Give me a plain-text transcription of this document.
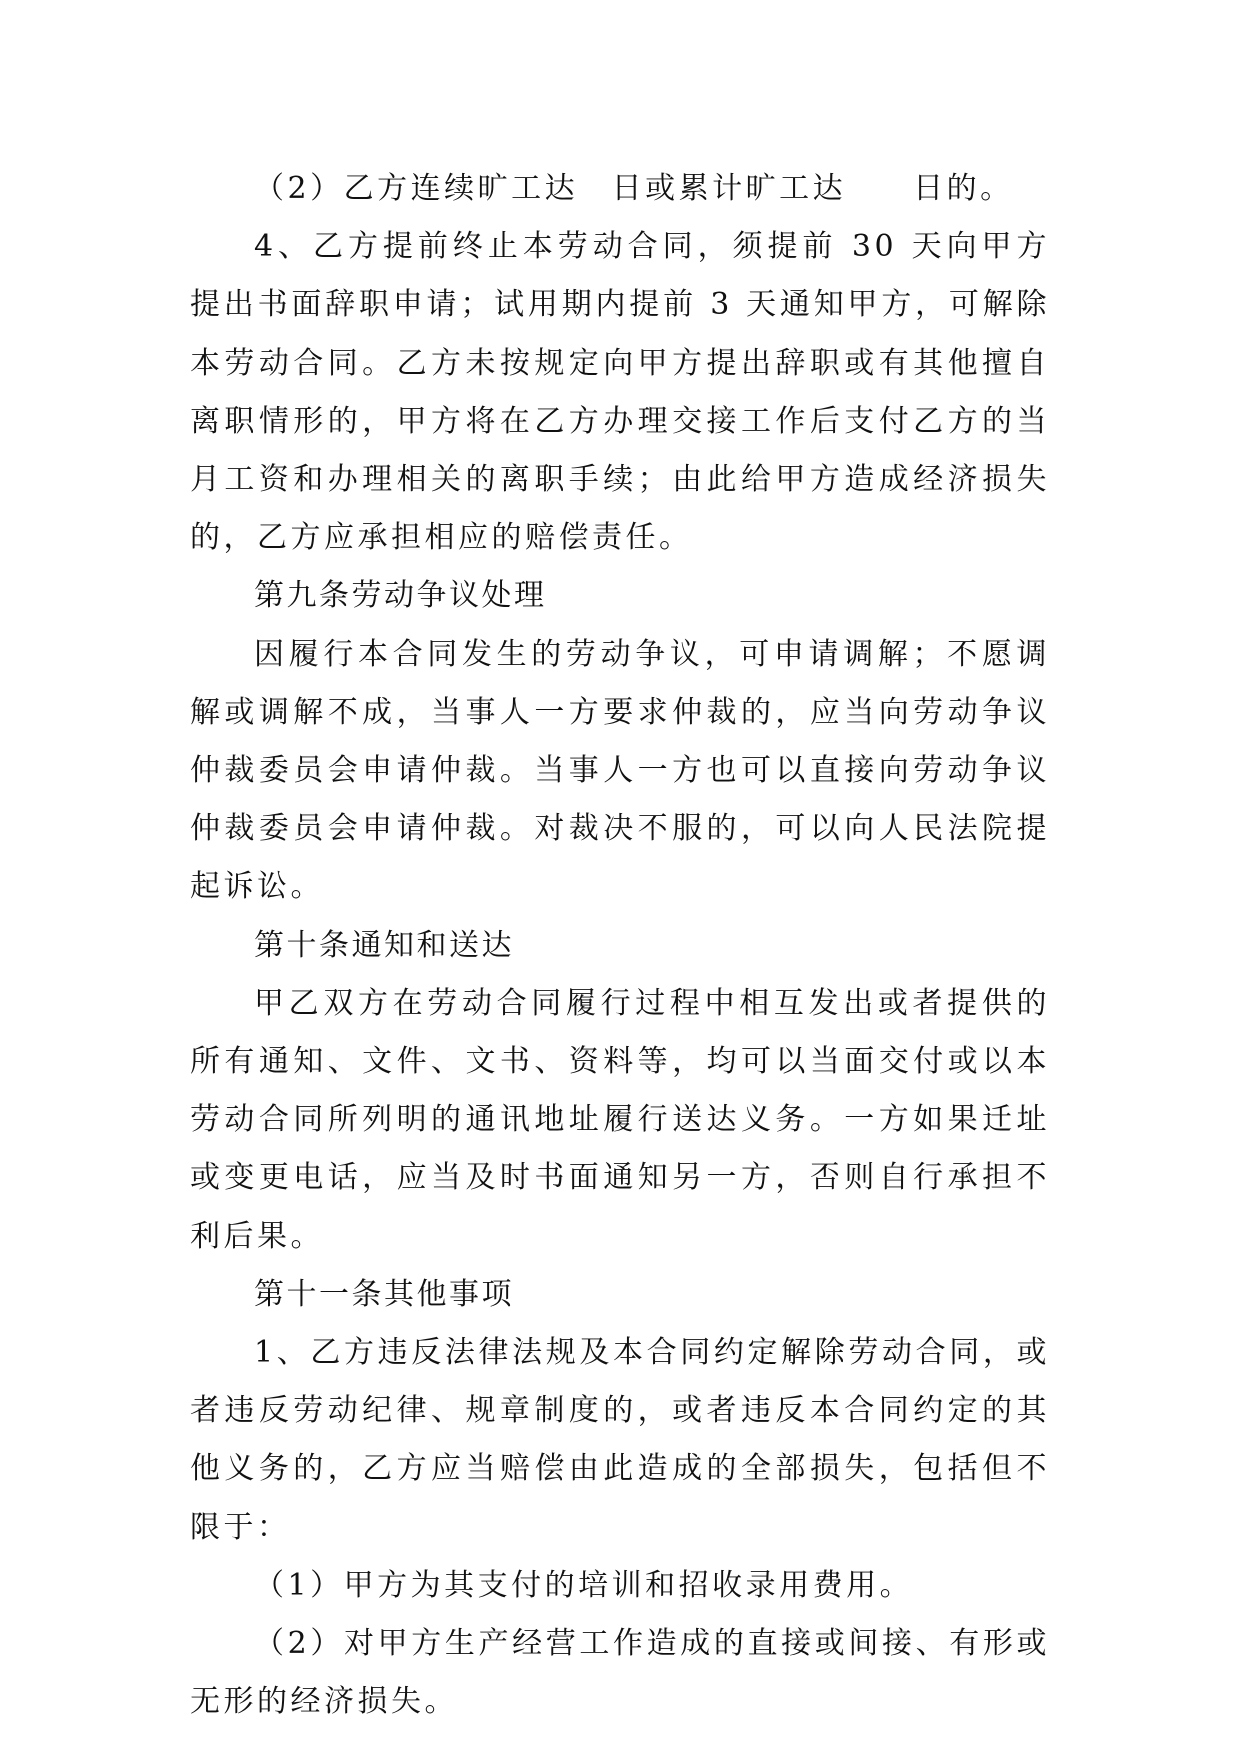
（2）乙方连续旷工达　日或累计旷工达　　日的。

4、乙方提前终止本劳动合同，须提前 30 天向甲方提出书面辞职申请；试用期内提前 3 天通知甲方，可解除本劳动合同。乙方未按规定向甲方提出辞职或有其他擅自离职情形的，甲方将在乙方办理交接工作后支付乙方的当月工资和办理相关的离职手续；由此给甲方造成经济损失的，乙方应承担相应的赔偿责任。

第九条劳动争议处理

因履行本合同发生的劳动争议，可申请调解；不愿调解或调解不成，当事人一方要求仲裁的，应当向劳动争议仲裁委员会申请仲裁。当事人一方也可以直接向劳动争议仲裁委员会申请仲裁。对裁决不服的，可以向人民法院提起诉讼。

第十条通知和送达

甲乙双方在劳动合同履行过程中相互发出或者提供的所有通知、文件、文书、资料等，均可以当面交付或以本劳动合同所列明的通讯地址履行送达义务。一方如果迁址或变更电话，应当及时书面通知另一方，否则自行承担不利后果。

第十一条其他事项

1、乙方违反法律法规及本合同约定解除劳动合同，或者违反劳动纪律、规章制度的，或者违反本合同约定的其他义务的，乙方应当赔偿由此造成的全部损失，包括但不限于：

（1）甲方为其支付的培训和招收录用费用。

（2）对甲方生产经营工作造成的直接或间接、有形或无形的经济损失。
